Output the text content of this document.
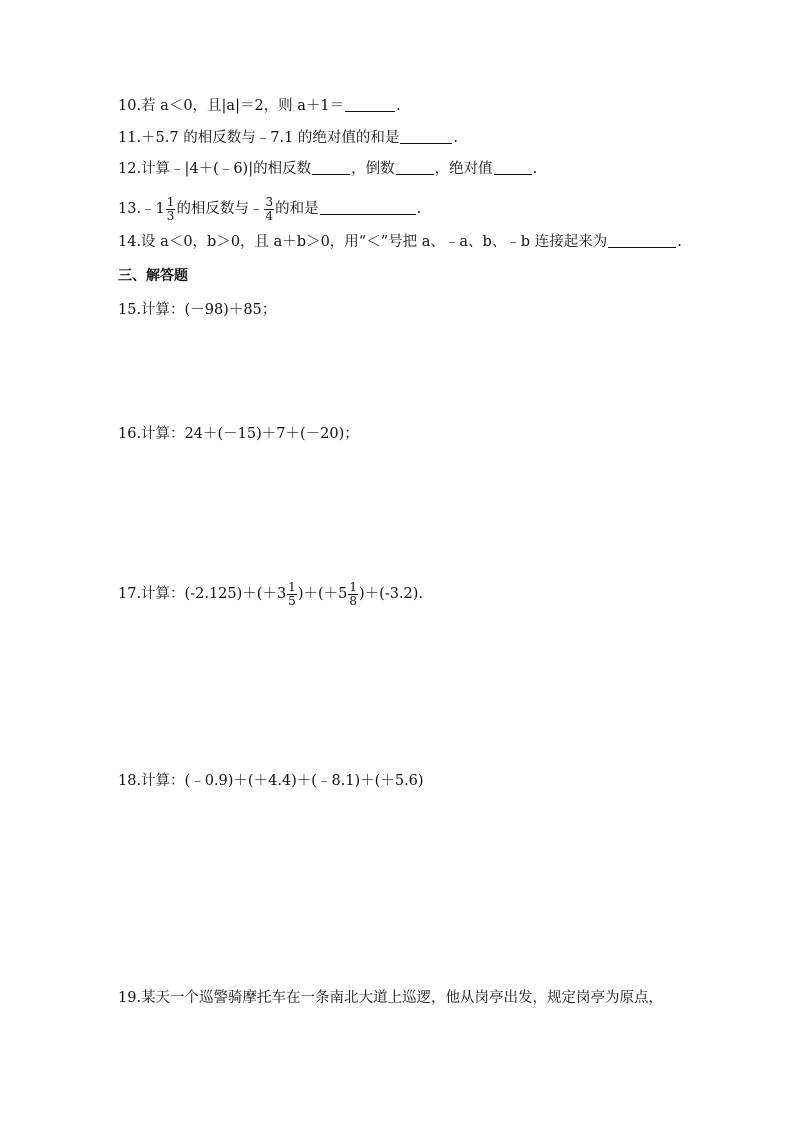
10.若 a＜0，且|a|＝2，则 a＋1＝	.
11.＋5.7 的相反数与﹣7.1 的绝对值的和是	.
12.计算﹣|4＋(﹣6)|的相反数	，倒数	，绝对值	.
13.﹣1 $\frac{1}{3}$ 的相反数与﹣ $\frac{3}{4}$ 的和是	.
14.设 a＜0，b＞0，且 a＋b＞0，用“＜”号把 a、﹣a、b、﹣b 连接起来为	.
三、解答题
15.计算：(－98)＋85；
16.计算：24＋(－15)＋7＋(－20)；
17.计算：$(-2.125)+(+3 \frac{1}{5} )+(+5 \frac{1}{8} )+(-3.2)$.
18.计算：(﹣0.9)＋(＋4.4)＋(﹣8.1)＋(＋5.6)
19.某天一个巡警骑摩托车在一条南北大道上巡逻，他从岗亭出发，规定岗亭为原点，
